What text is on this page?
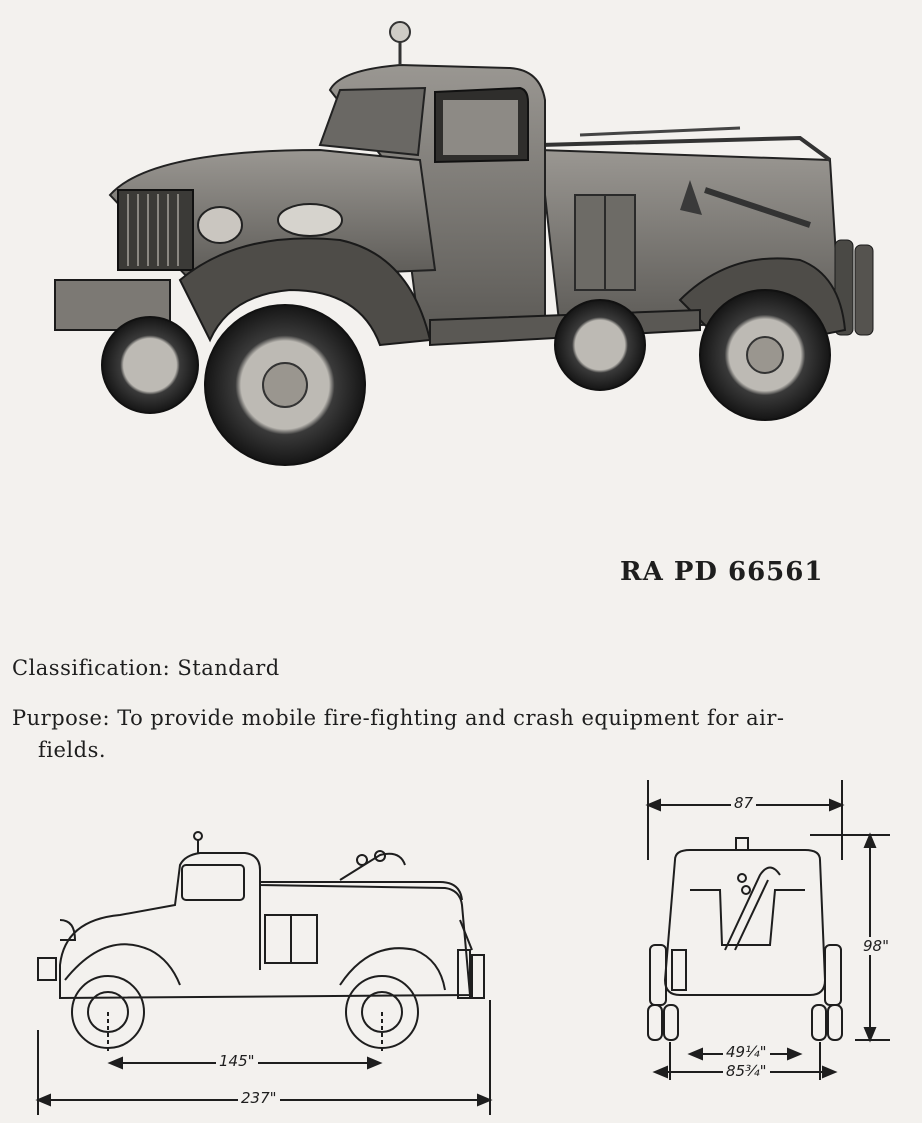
RA PD 66561
Classification: Standard
Purpose: To provide mobile fire-fighting and crash equipment for air-
fields.
145"
237"
87
98"
49¼"
85¾"
